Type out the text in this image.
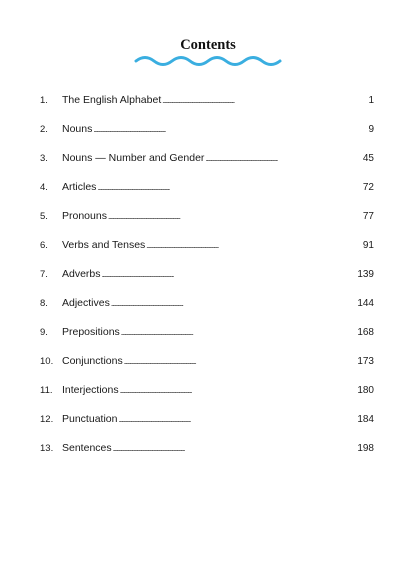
Contents
1.	The English Alphabet . . .	1
2.	Nouns . . .	9
3.	Nouns — Number and Gender . . .	45
4.	Articles . . .	72
5.	Pronouns . . .	77
6.	Verbs and Tenses . . .	91
7.	Adverbs . . .	139
8.	Adjectives . . .	144
9.	Prepositions . . .	168
10. Conjunctions . . .	173
11. Interjections . . .	180
12. Punctuation . . .	184
13. Sentences . . .	198
